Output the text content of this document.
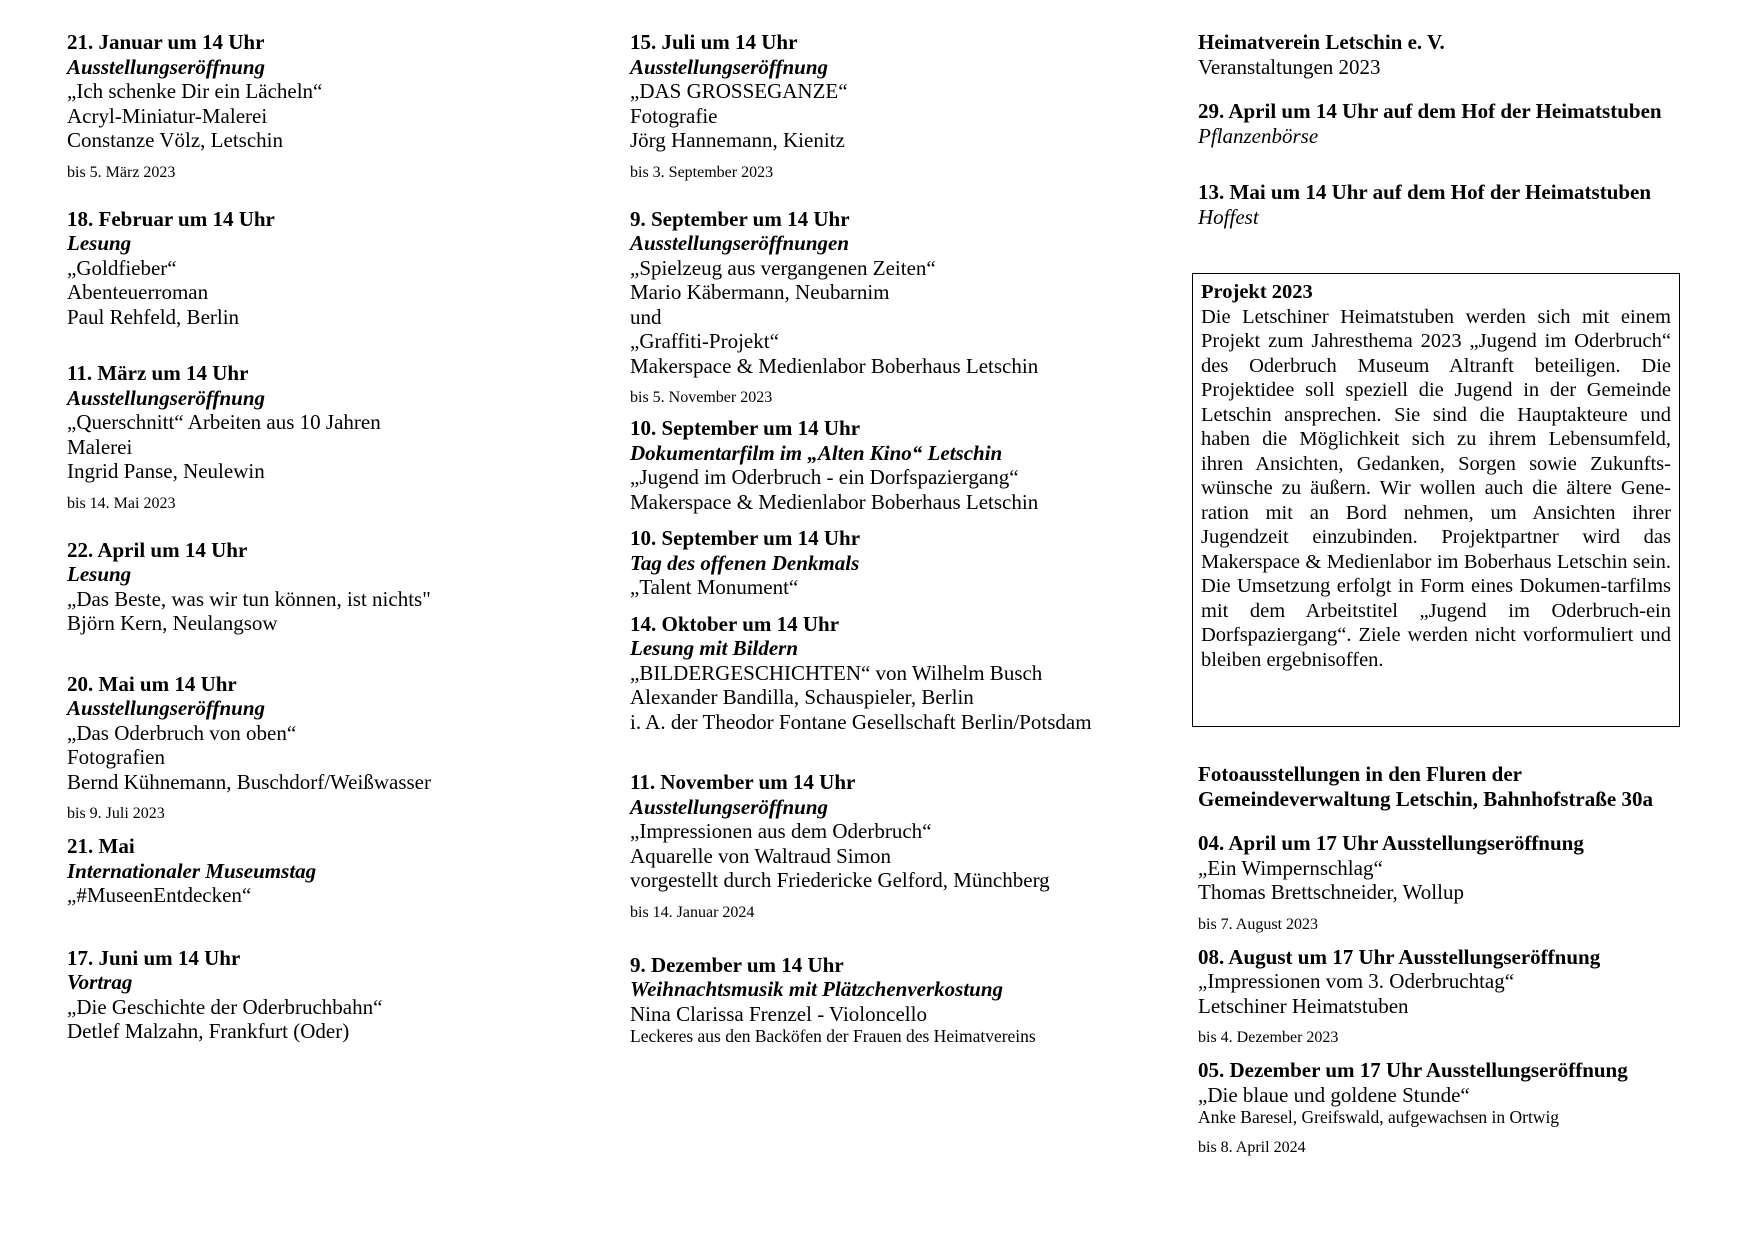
21. Januar um 14 Uhr
Ausstellungseröffnung
„Ich schenke Dir ein Lächeln“
Acryl-Miniatur-Malerei
Constanze Völz, Letschin
bis 5. März 2023
18. Februar um 14 Uhr
Lesung
„Goldfieber“
Abenteuerroman
Paul Rehfeld, Berlin
11. März um 14 Uhr
Ausstellungseröffnung
„Querschnitt“ Arbeiten aus 10 Jahren
Malerei
Ingrid Panse, Neulewin
bis 14. Mai 2023
22. April um 14 Uhr
Lesung
„Das Beste, was wir tun können, ist nichts"
Björn Kern, Neulangsow
20. Mai um 14 Uhr
Ausstellungseröffnung
„Das Oderbruch von oben“
Fotografien
Bernd Kühnemann, Buschdorf/Weißwasser
bis 9. Juli 2023
21. Mai
Internationaler Museumstag
„#MuseenEntdecken“
17. Juni um 14 Uhr
Vortrag
„Die Geschichte der Oderbruchbahn“
Detlef Malzahn, Frankfurt (Oder)
15. Juli um 14 Uhr
Ausstellungseröffnung
„DAS GROSSEGANZE“
Fotografie
Jörg Hannemann, Kienitz
bis 3. September 2023
9. September um 14 Uhr
Ausstellungseröffnungen
„Spielzeug aus vergangenen Zeiten“
Mario Käbermann, Neubarnim
und
„Graffiti-Projekt“
Makerspace & Medienlabor Boberhaus Letschin
bis 5. November 2023
10. September um 14 Uhr
Dokumentarfilm im „Alten Kino“ Letschin
„Jugend im Oderbruch - ein Dorfspaziergang“
Makerspace & Medienlabor Boberhaus Letschin
10. September um 14 Uhr
Tag des offenen Denkmals
„Talent Monument“
14. Oktober um 14 Uhr
Lesung mit Bildern
„BILDERGESCHICHTEN“ von Wilhelm Busch
Alexander Bandilla, Schauspieler, Berlin
i. A. der Theodor Fontane Gesellschaft Berlin/Potsdam
11. November um 14 Uhr
Ausstellungseröffnung
„Impressionen aus dem Oderbruch“
Aquarelle von Waltraud Simon
vorgestellt durch Friedericke Gelford, Münchberg
bis 14. Januar 2024
9. Dezember um 14 Uhr
Weihnachtsmusik mit Plätzchenverkostung
Nina Clarissa Frenzel - Violoncello
Leckeres aus den Backöfen der Frauen des Heimatvereins
Heimatverein Letschin e. V.
Veranstaltungen 2023
29. April um 14 Uhr auf dem Hof der Heimatstuben
Pflanzenbörse
13. Mai um 14 Uhr auf dem Hof der Heimatstuben
Hoffest
Projekt 2023
Die Letschiner Heimatstuben werden sich mit einem Projekt zum Jahresthema 2023 „Jugend im Oderbruch“ des Oderbruch Museum Altranft beteiligen. Die Projektidee soll speziell die Jugend in der Gemeinde Letschin ansprechen. Sie sind die Hauptakteure und haben die Möglichkeit sich zu ihrem Lebensumfeld, ihren Ansichten, Gedanken, Sorgen sowie Zukunfts-wünsche zu äußern. Wir wollen auch die ältere Gene-ration mit an Bord nehmen, um Ansichten ihrer Jugendzeit einzubinden. Projektpartner wird das Makerspace & Medienlabor im Boberhaus Letschin sein. Die Umsetzung erfolgt in Form eines Dokumen-tarfilms mit dem Arbeitstitel „Jugend im Oderbruch-ein Dorfspaziergang“. Ziele werden nicht vorformuliert und bleiben ergebnisoffen.
Fotoausstellungen in den Fluren der
Gemeindeverwaltung Letschin, Bahnhofstraße 30a
04. April um 17 Uhr Ausstellungseröffnung
„Ein Wimpernschlag“
Thomas Brettschneider, Wollup
bis 7. August 2023
08. August um 17 Uhr Ausstellungseröffnung
„Impressionen vom 3. Oderbruchtag“
Letschiner Heimatstuben
bis 4. Dezember 2023
05. Dezember um 17 Uhr Ausstellungseröffnung
„Die blaue und goldene Stunde“
Anke Baresel, Greifswald, aufgewachsen in Ortwig
bis 8. April 2024
